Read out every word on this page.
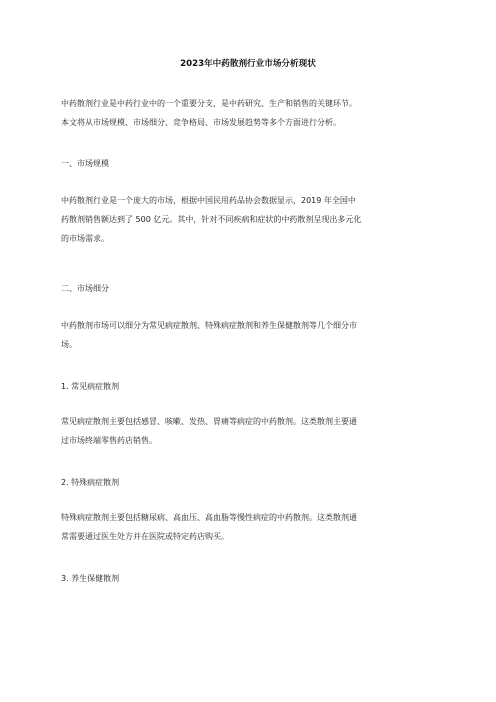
2023年中药散剂行业市场分析现状
中药散剂行业是中药行业中的一个重要分支，是中药研究、生产和销售的关键环节。
本文将从市场规模、市场细分、竞争格局、市场发展趋势等多个方面进行分析。
一、市场规模
中药散剂行业是一个庞大的市场，根据中国民用药品协会数据显示，2019 年全国中
药散剂销售额达到了 500 亿元。其中，针对不同疾病和症状的中药散剂呈现出多元化
的市场需求。
二、市场细分
中药散剂市场可以细分为常见病症散剂、特殊病症散剂和养生保健散剂等几个细分市
场。
1. 常见病症散剂
常见病症散剂主要包括感冒、咳嗽、发热、胃痛等病症的中药散剂。这类散剂主要通
过市场终端零售药店销售。
2. 特殊病症散剂
特殊病症散剂主要包括糖尿病、高血压、高血脂等慢性病症的中药散剂。这类散剂通
常需要通过医生处方并在医院或特定药店购买。
3. 养生保健散剂
